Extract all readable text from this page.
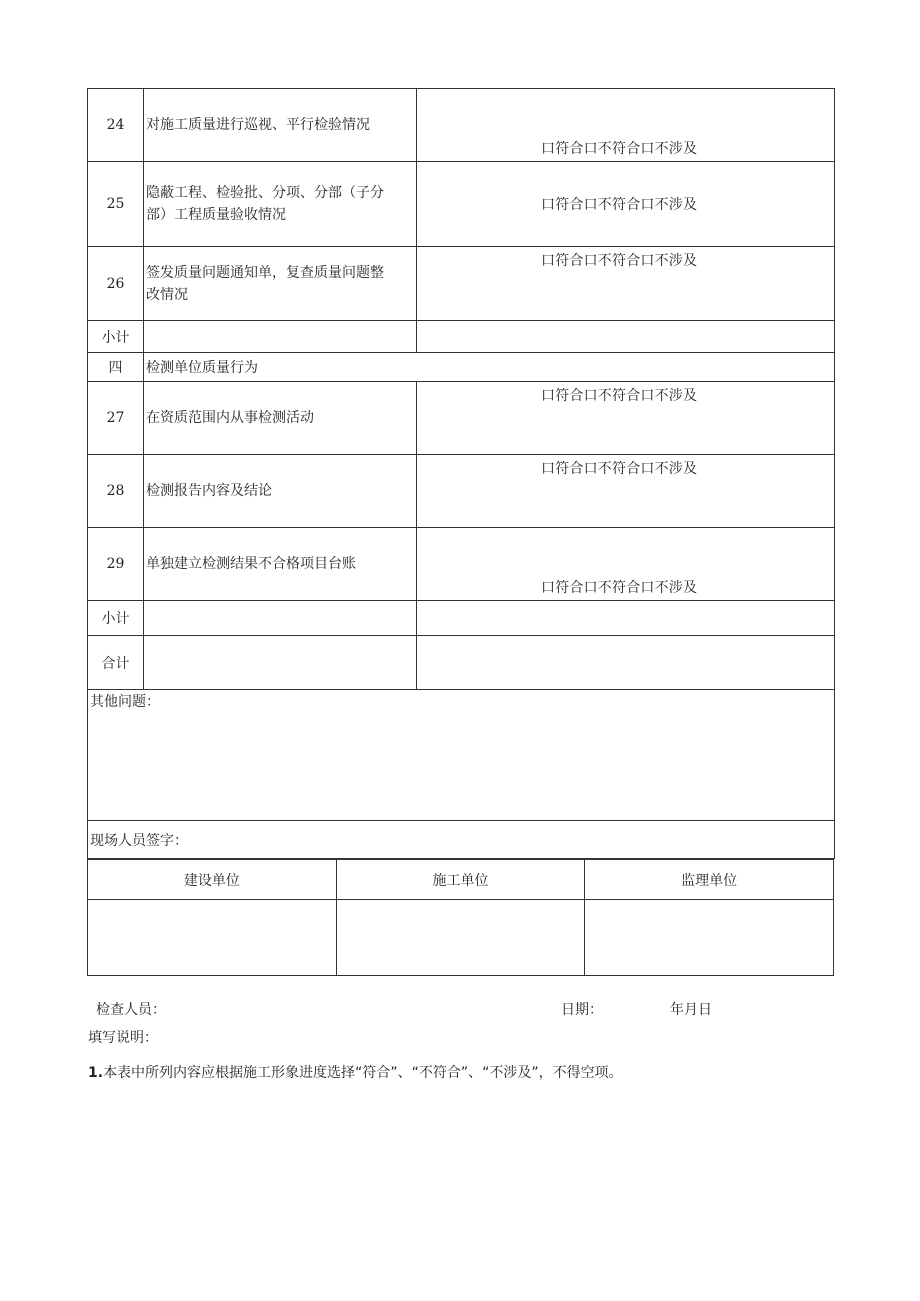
24	对施工质量进行巡视、平行检验情况	口符合口不符合口不涉及

25	隐蔽工程、检验批、分项、分部（子分
部）工程质量验收情况	口符合口不符合口不涉及

26	签发质量问题通知单，复查质量问题整
改情况	口符合口不符合口不涉及

小计		
四	检测单位质量行为	
27	在资质范围内从事检测活动	口符合口不符合口不涉及

28	检测报告内容及结论	口符合口不符合口不涉及

29	单独建立检测结果不合格项目台账	口符合口不符合口不涉及

小计		
合计		

其他问题：		

现场人员签字：		
建设单位	施工单位	监理单位

检查人员：	日期：	年月日
填写说明：
1.本表中所列内容应根据施工形象进度选择“符合”、“不符合”、“不涉及”，不得空项。
